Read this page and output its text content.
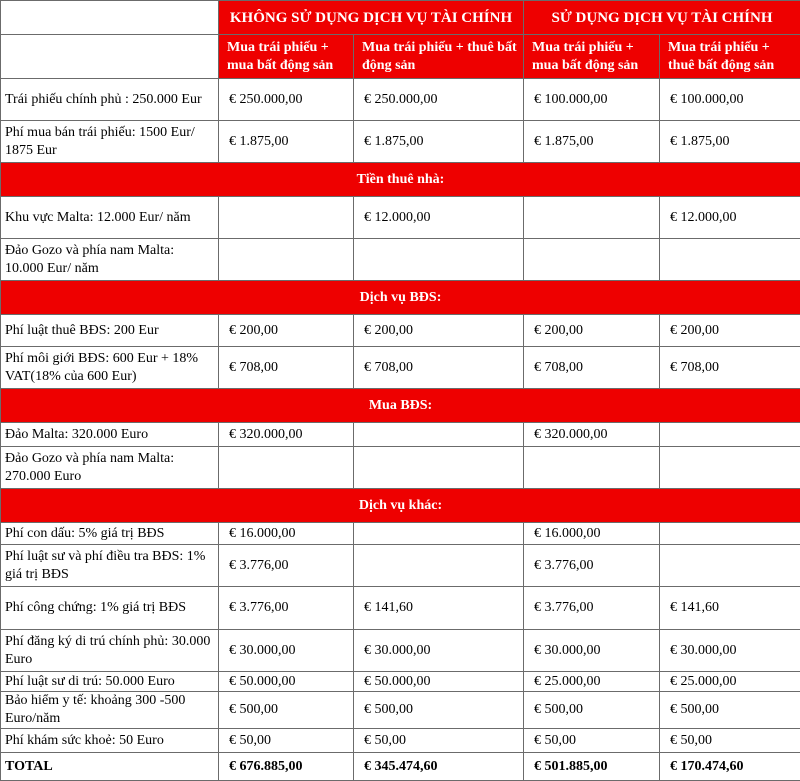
	KHÔNG SỬ DỤNG DỊCH VỤ TÀI CHÍNH		SỬ DỤNG DỊCH VỤ TÀI CHÍNH	
	Mua trái phiếu + mua bất động sản	Mua trái phiếu + thuê bất động sản	Mua trái phiếu + mua bất động sản	Mua trái phiếu + thuê bất động sản
Trái phiếu chính phủ : 250.000 Eur	€ 250.000,00	€ 250.000,00	€ 100.000,00	€ 100.000,00
Phí mua bán trái phiếu: 1500 Eur/ 1875 Eur	€ 1.875,00	€ 1.875,00	€ 1.875,00	€ 1.875,00
Tiền thuê nhà:				
Khu vực Malta: 12.000 Eur/ năm		€ 12.000,00		€ 12.000,00
Đảo Gozo và phía nam Malta: 10.000 Eur/ năm				
Dịch vụ BĐS:				
Phí luật thuê BĐS: 200 Eur	€ 200,00	€ 200,00	€ 200,00	€ 200,00
Phí môi giới BĐS: 600 Eur + 18% VAT(18% của 600 Eur)	€ 708,00	€ 708,00	€ 708,00	€ 708,00
Mua BĐS:				
Đảo Malta: 320.000 Euro	€ 320.000,00		€ 320.000,00	
Đảo Gozo và phía nam Malta: 270.000 Euro				
Dịch vụ khác:				
Phí con dấu: 5% giá trị BĐS	€ 16.000,00		€ 16.000,00	
Phí luật sư và phí điều tra BĐS: 1% giá trị BĐS	€ 3.776,00		€ 3.776,00	
Phí công chứng: 1% giá trị BĐS	€ 3.776,00	€ 141,60	€ 3.776,00	€ 141,60
Phí đăng ký di trú chính phủ: 30.000 Euro	€ 30.000,00	€ 30.000,00	€ 30.000,00	€ 30.000,00
Phí luật sư di trú: 50.000 Euro	€ 50.000,00	€ 50.000,00	€ 25.000,00	€ 25.000,00
Bảo hiểm y tế: khoảng 300 -500 Euro/năm	€ 500,00	€ 500,00	€ 500,00	€ 500,00
Phí khám sức khoẻ: 50 Euro	€ 50,00	€ 50,00	€ 50,00	€ 50,00
TOTAL	€ 676.885,00	€ 345.474,60	€ 501.885,00	€ 170.474,60
